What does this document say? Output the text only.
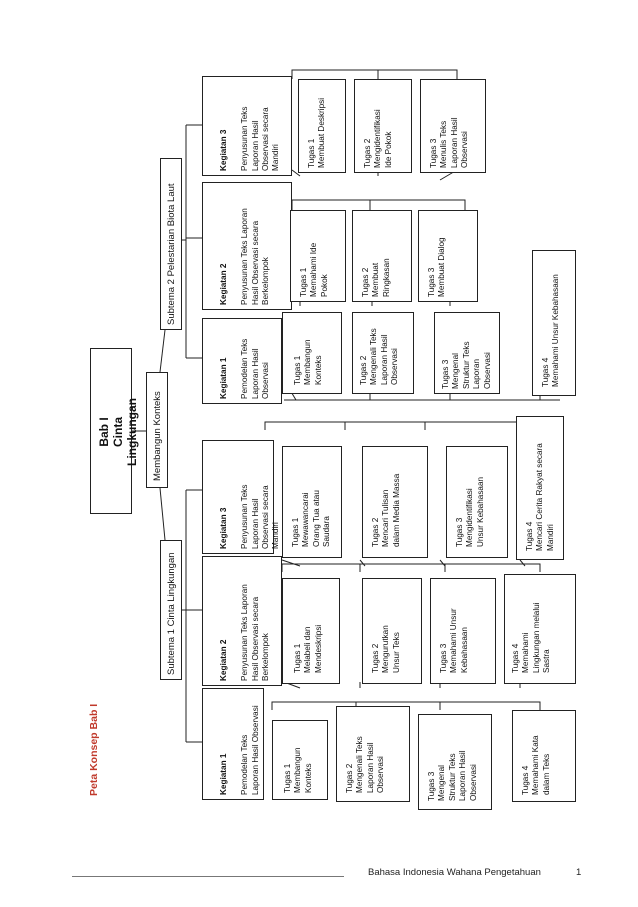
Peta Konsep Bab I
Bab I
Cinta Lingkungan Membangun Konteks
Subtema 2 Pelestarian Biota Laut
Subtema 1 Cinta Lingkungan

Kegiatan 3 Penyusunan Teks
Laporan Hasil
Observasi secara
Mandiri

Kegiatan 2 Penyusunan Teks Laporan
Hasil Observasi secara
Berkelompok

Kegiatan 1 Pemodelan Teks
Laporan Hasil
Observasi

Tugas 1
Membuat Deskripsi
Tugas 2
Mengidentifikasi
Ide Pokok
Tugas 3
Menulis Teks
Laporan Hasil
Observasi
Tugas 1
Memahami Ide
Pokok	Tugas 2
Membuat
Ringkasan	Tugas 3
Membuat Dialog
Tugas 1
Membangun
Konteks	Tugas 2
Mengenali Teks
Laporan Hasil
Observasi	Tugas 3
Mengenal
Struktur Teks
Laporan
Observasi	Tugas 4
Memahami Unsur Kebahasaan

Kegiatan 3 Penyusunan Teks
Laporan Hasil
Observasi secara
Mandiri

Kegiatan 2 Penyusunan Teks Laporan
Hasil Observasi secara
Berkelompok

Kegiatan 1 Pemodelan Teks
Laporan Hasil Observasi

Tugas 1
Mewawancarai
Orang Tua atau
Saudara	Tugas 2
Mencari Tulisan
dalam Media Massa
Tugas 3
Mengidentifikasi
Unsur Kebahasaan
Tugas 4
Mencari Cerita Rakyat secara
Mandiri
Tugas 1
Melabeli dan
Mendeskripsi	Tugas 2
Mengurutkan
Unsur Teks
Tugas 3
Memahami Unsur
Kebahasaan	Tugas 4
Memahami
Lingkungan melalui
Sastra
Tugas 1
Membangun
Konteks	Tugas 2
Mengenali Teks
Laporan Hasil
Observasi	Tugas 3
Mengenal
Struktur Teks
Laporan Hasil
Observasi	Tugas 4
Memahami Kata
dalam Teks
Bahasa Indonesia Wahana Pengetahuan	1
